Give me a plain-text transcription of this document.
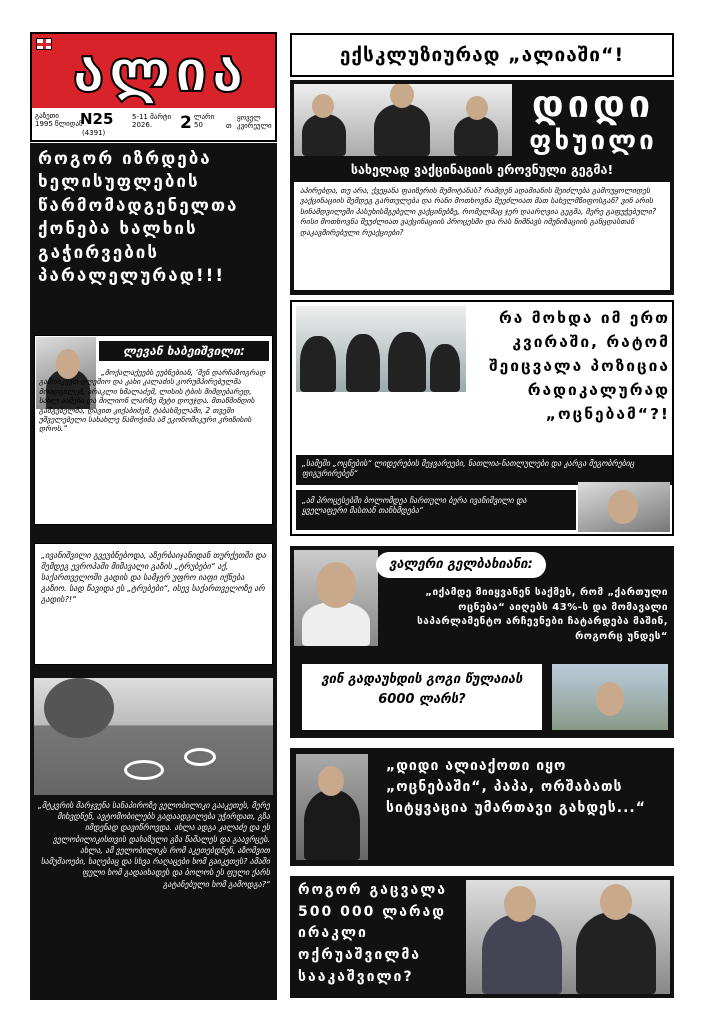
ალია
გაზეთი
1995 წლიდან
N25
(4391)
5-11 მარტი
2026.	2 ლარი
50	თ
ყოველ
კვირეული
როგორ იზრდება ხელისუფლების წარმომადგენელთა ქონება ხალხის გაჭირვების პარალელურად!!!
ლევან ხაბეიშვილი:

„მოქალაქეებს ეუბნებიან, ‘შენ დარჩაზოგრად გამოიკვეთ დღეშიო და კახი კალაძის კორუმპირებულმა მოადგილემ, ირაკლი ხმალაძემ, ლისის ტბის მიმდებარედ, სახლ ააშენა და მილიონ ლარზე მეტი დოუჯდა. მთაწმინდის გამგებელმა, დავით კიქაბიძემ, ტაბახმელაში, 2 თვეში უშველებელი სახახლე წამოჭიმა ამ ეკონომიკური კრიზისის დროს.“

„ივანიშვილი გვეუბნებოდა, აზერბაიჯანიდან თურქეთში და შემდეგ ევროპაში მიმავალი გაზის „ტრუბები“ აქ, საქართველოში გადის და სამჯერ უფრო იაფი იქნება გაზიო. სად წავიდა ეს „ტრუბები“, ისევ საქართველოზე არ გადის?!“

„მტკვრის მარჯვენა სანაპიროზე ველობილიკი გააკეთეს, მერე მიხვდნენ, ავტომობილებს გადაადგილება უჭირდათ, გზა იმდენად დავიწროვდა. ახლა ადგა კალაძე და ეს ველობილიკისთვის დახაზული გზა წაშალეს და გაავრცეს. ახლა, ამ ველობილიკს რომ აკეთებდნენ, აზომვით სამუშაოები, ხაღებაც და სხვა რაღაცები ხომ გაიკეთეს? ამაში ფული ხომ გადაიხადეს და ბოლოს ეს ფული ქარს გატანებული ხომ გამოდგა?“

ექსკლუზიურად „ალიაში“!
დიდი
ფხუილი
სახელად ვაქცინაციის ეროვნული გეგმა!

აპირებდა, თუ არა, ქვეყანა ფაიზერის შემოტანას? რამდენ ადამიანის შეიძლება გამოუყოლიდეს ვაქცინაციის შემდეგ გართულება და რანი მოთხოვნა შეეძლიათ მათ სახელმწიფოსგან? ვინ არის სინამდვილეში პასუხისმგებელი ვაქცინებზე, რომელმაც ჯერ დაარღვია გეგმა, მერე გაფუჭებული? რისი მოთხოვნა შეუძლიათ ვაქცინაციის პროცესში და რას ნიშნავს იმუნიზაციის განცდასთან დაკავშირებული რეაქციები?

რა მოხდა იმ ერთ კვირაში, რატომ შეიცვალა პოზიცია რადიკალურად „ოცნებამ“?!

„სამეში „ოცნების“ ლიდერების მეჯვარეები, ნათლია-ნათლულები და კარგა მეგობრებიც ფიგურირებენ“

„ამ პროცესებში ბოლომდეა ჩართული ბერა ივანიშვილი და ყველაფერი მასთან თანხმდება“

ვალერი გელბახიანი:

„იქამდე მიიყვანენ საქმეს, რომ „ქართული ოცნება“ აიღებს 43%-ს და მომავალი საპარლამენტო არჩევნები ჩატარდება მაშინ, როგორც უნდეს“

ვინ გადაუხდის გოგი წულაიას 6000 ლარს?

„დიდი ალიაქოთი იყო „ოცნებაში“, პაპა, ორშაბათს სიტყვაცია უმართავი გახდეს...“

როგორ გაცვალა 500 000 ლარად ირაკლი ოქრუაშვილმა სააკაშვილი?
